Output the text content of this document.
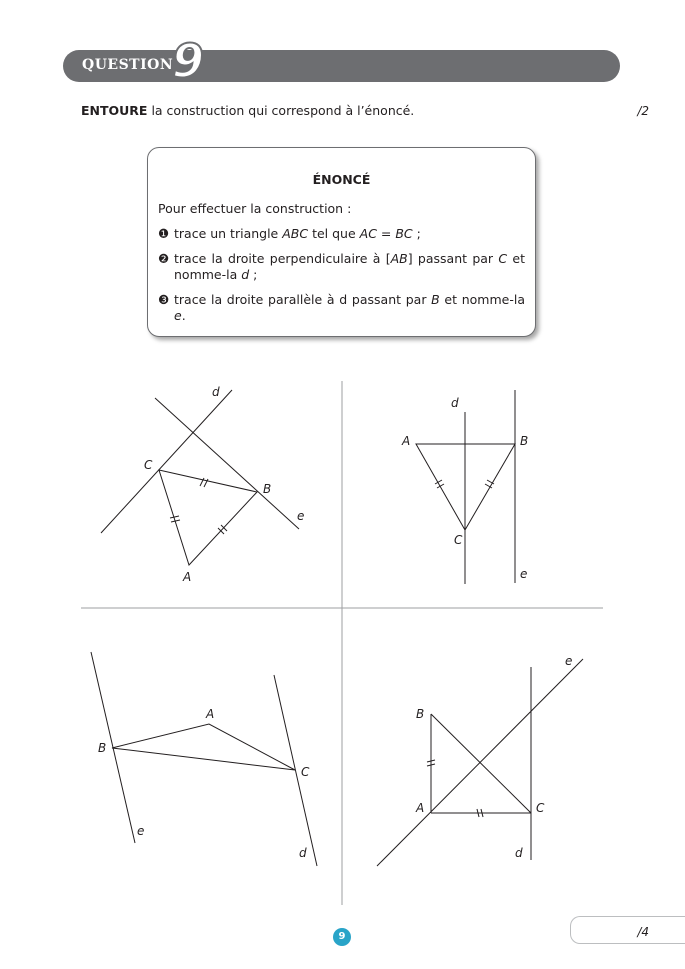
QUESTION
9
ENTOURE la construction qui correspond à l’énoncé.	/2
ÉNONCÉ

Pour effectuer la construction :

❶ trace un triangle ABC tel que AC = BC ;

❷ trace la droite perpendiculaire à [AB] passant par C et nomme-la d ;

❸ trace la droite parallèle à d passant par B et nomme-la e.

d
e
C
B
A
d
A	B
C
e
A
B
C
e
d
e
B
A	C
d
9	/4
